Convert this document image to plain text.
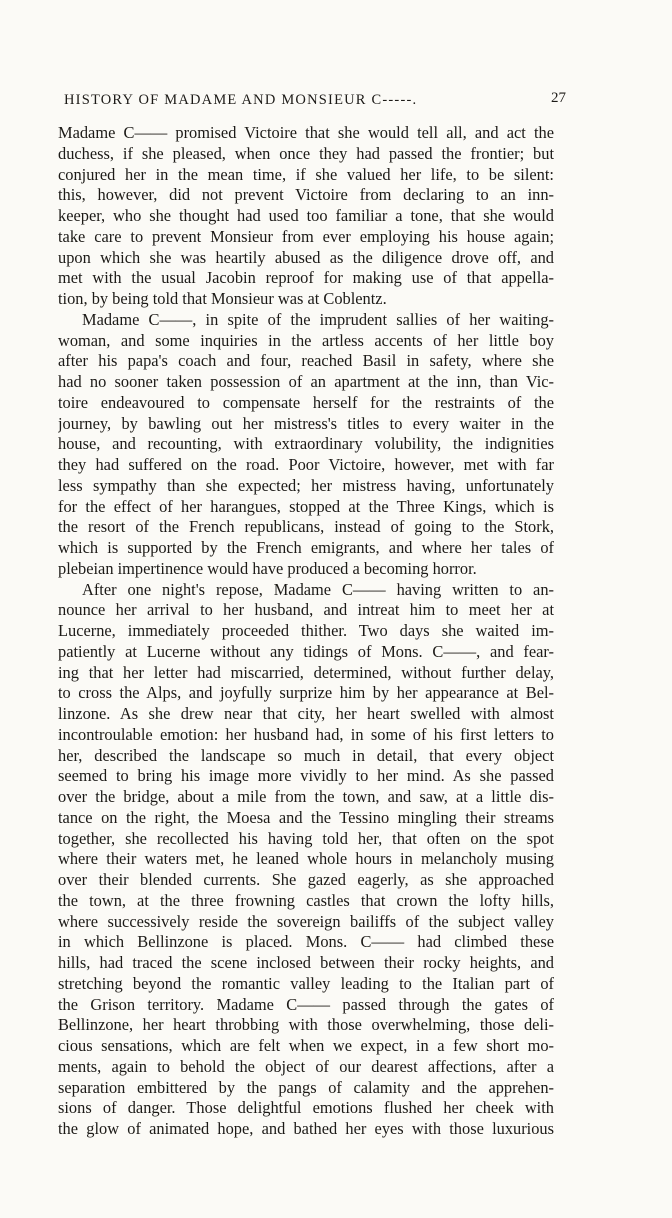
HISTORY OF MADAME AND MONSIEUR C-----.	27
Madame C—— promised Victoire that she would tell all, and act the
duchess, if she pleased, when once they had passed the frontier; but
conjured her in the mean time, if she valued her life, to be silent:
this, however, did not prevent Victoire from declaring to an inn-
keeper, who she thought had used too familiar a tone, that she would
take care to prevent Monsieur from ever employing his house again;
upon which she was heartily abused as the diligence drove off, and
met with the usual Jacobin reproof for making use of that appella-
tion, by being told that Monsieur was at Coblentz.
Madame C——, in spite of the imprudent sallies of her waiting-
woman, and some inquiries in the artless accents of her little boy
after his papa's coach and four, reached Basil in safety, where she
had no sooner taken possession of an apartment at the inn, than Vic-
toire endeavoured to compensate herself for the restraints of the
journey, by bawling out her mistress's titles to every waiter in the
house, and recounting, with extraordinary volubility, the indignities
they had suffered on the road. Poor Victoire, however, met with far
less sympathy than she expected; her mistress having, unfortunately
for the effect of her harangues, stopped at the Three Kings, which is
the resort of the French republicans, instead of going to the Stork,
which is supported by the French emigrants, and where her tales of
plebeian impertinence would have produced a becoming horror.
After one night's repose, Madame C—— having written to an-
nounce her arrival to her husband, and intreat him to meet her at
Lucerne, immediately proceeded thither. Two days she waited im-
patiently at Lucerne without any tidings of Mons. C——, and fear-
ing that her letter had miscarried, determined, without further delay,
to cross the Alps, and joyfully surprize him by her appearance at Bel-
linzone. As she drew near that city, her heart swelled with almost
incontroulable emotion: her husband had, in some of his first letters to
her, described the landscape so much in detail, that every object
seemed to bring his image more vividly to her mind. As she passed
over the bridge, about a mile from the town, and saw, at a little dis-
tance on the right, the Moesa and the Tessino mingling their streams
together, she recollected his having told her, that often on the spot
where their waters met, he leaned whole hours in melancholy musing
over their blended currents. She gazed eagerly, as she approached
the town, at the three frowning castles that crown the lofty hills,
where successively reside the sovereign bailiffs of the subject valley
in which Bellinzone is placed. Mons. C—— had climbed these
hills, had traced the scene inclosed between their rocky heights, and
stretching beyond the romantic valley leading to the Italian part of
the Grison territory. Madame C—— passed through the gates of
Bellinzone, her heart throbbing with those overwhelming, those deli-
cious sensations, which are felt when we expect, in a few short mo-
ments, again to behold the object of our dearest affections, after a
separation embittered by the pangs of calamity and the apprehen-
sions of danger. Those delightful emotions flushed her cheek with
the glow of animated hope, and bathed her eyes with those luxurious
